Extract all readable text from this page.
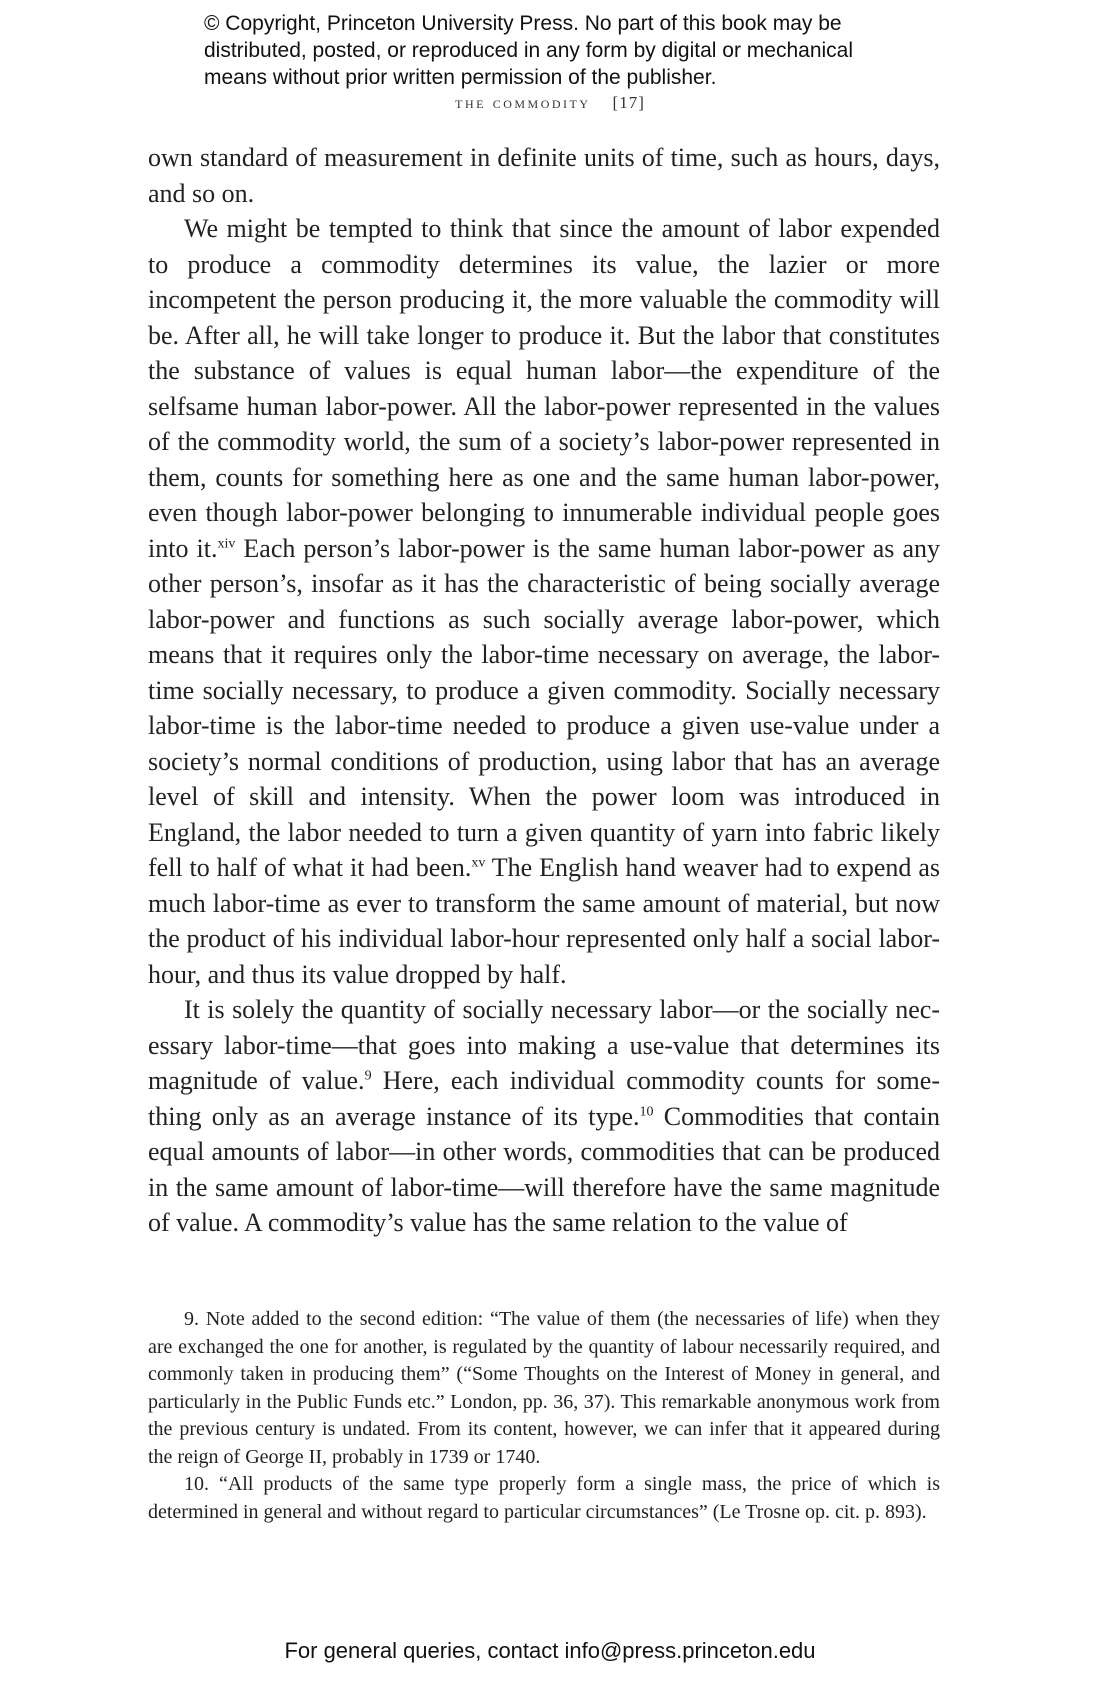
© Copyright, Princeton University Press. No part of this book may be
distributed, posted, or reproduced in any form by digital or mechanical
means without prior written permission of the publisher.
the commodity [17]

own standard of measurement in definite units of time, such as hours, days, and so on.

We might be tempted to think that since the amount of labor expended to produce a commodity determines its value, the lazier or more incompetent the person producing it, the more valuable the commodity will be. After all, he will take longer to produce it. But the labor that constitutes the substance of values is equal human labor—the expenditure of the selfsame human labor-power. All the labor-power represented in the values of the commodity world, the sum of a society’s labor-power represented in them, counts for something here as one and the same human labor-power, even though labor-power belonging to innumerable individual people goes into it.$^{xiv}$ Each person’s labor-power is the same human labor-power as any other person’s, insofar as it has the characteristic of being socially average labor-power and functions as such socially average labor-power, which means that it requires only the labor-time necessary on average, the labor-time socially necessary, to produce a given commodity. Socially necessary labor-time is the labor-time needed to produce a given use-value under a society’s normal conditions of production, using labor that has an average level of skill and intensity. When the power loom was introduced in England, the labor needed to turn a given quantity of yarn into fabric likely fell to half of what it had been.$^{xv}$ The English hand weaver had to expend as much labor-time as ever to transform the same amount of material, but now the product of his individual labor-hour represented only half a social labor-hour, and thus its value dropped by half.

It is solely the quantity of socially necessary labor—or the socially necessary labor-time—that goes into making a use-value that determines its magnitude of value.$^9$ Here, each individual commodity counts for something only as an average instance of its type.$^{10}$ Commodities that contain equal amounts of labor—in other words, commodities that can be produced in the same amount of labor-time—will therefore have the same magnitude of value. A commodity’s value has the same relation to the value of

9. Note added to the second edition: “The value of them (the necessaries of life) when they are exchanged the one for another, is regulated by the quantity of labour necessarily required, and commonly taken in producing them” (“Some Thoughts on the Interest of Money in general, and particularly in the Public Funds etc.” London, pp. 36, 37). This remarkable anonymous work from the previous century is undated. From its content, however, we can infer that it appeared during the reign of George II, probably in 1739 or 1740.

10. “All products of the same type properly form a single mass, the price of which is determined in general and without regard to particular circumstances” (Le Trosne op. cit. p. 893).

For general queries, contact info@press.princeton.edu
